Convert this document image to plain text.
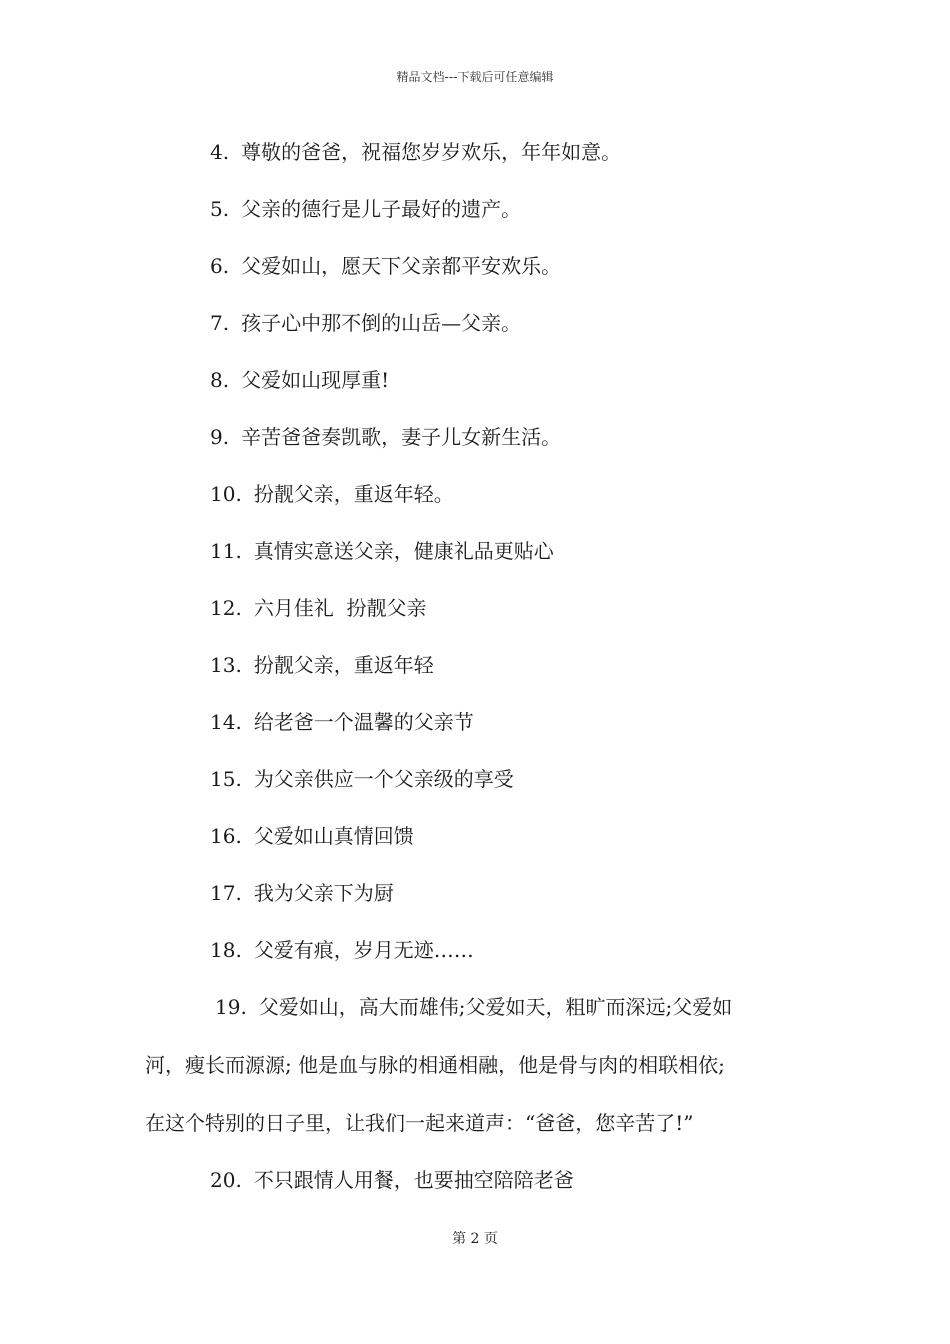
精品文档---下载后可任意编辑
4. 尊敬的爸爸，祝福您岁岁欢乐，年年如意。
5. 父亲的德行是儿子最好的遗产。
6. 父爱如山，愿天下父亲都平安欢乐。
7. 孩子心中那不倒的山岳—父亲。
8. 父爱如山现厚重!
9. 辛苦爸爸奏凯歌，妻子儿女新生活。
10. 扮靓父亲，重返年轻。
11. 真情实意送父亲，健康礼品更贴心
12. 六月佳礼  扮靓父亲
13. 扮靓父亲，重返年轻
14. 给老爸一个温馨的父亲节
15. 为父亲供应一个父亲级的享受
16. 父爱如山真情回馈
17. 我为父亲下为厨
18. 父爱有痕，岁月无迹……
19. 父爱如山，高大而雄伟;父爱如天，粗旷而深远;父爱如
河，瘦长而源源; 他是血与脉的相通相融，他是骨与肉的相联相依;
在这个特别的日子里，让我们一起来道声：“爸爸，您辛苦了!”
20. 不只跟情人用餐，也要抽空陪陪老爸
第 2 页
